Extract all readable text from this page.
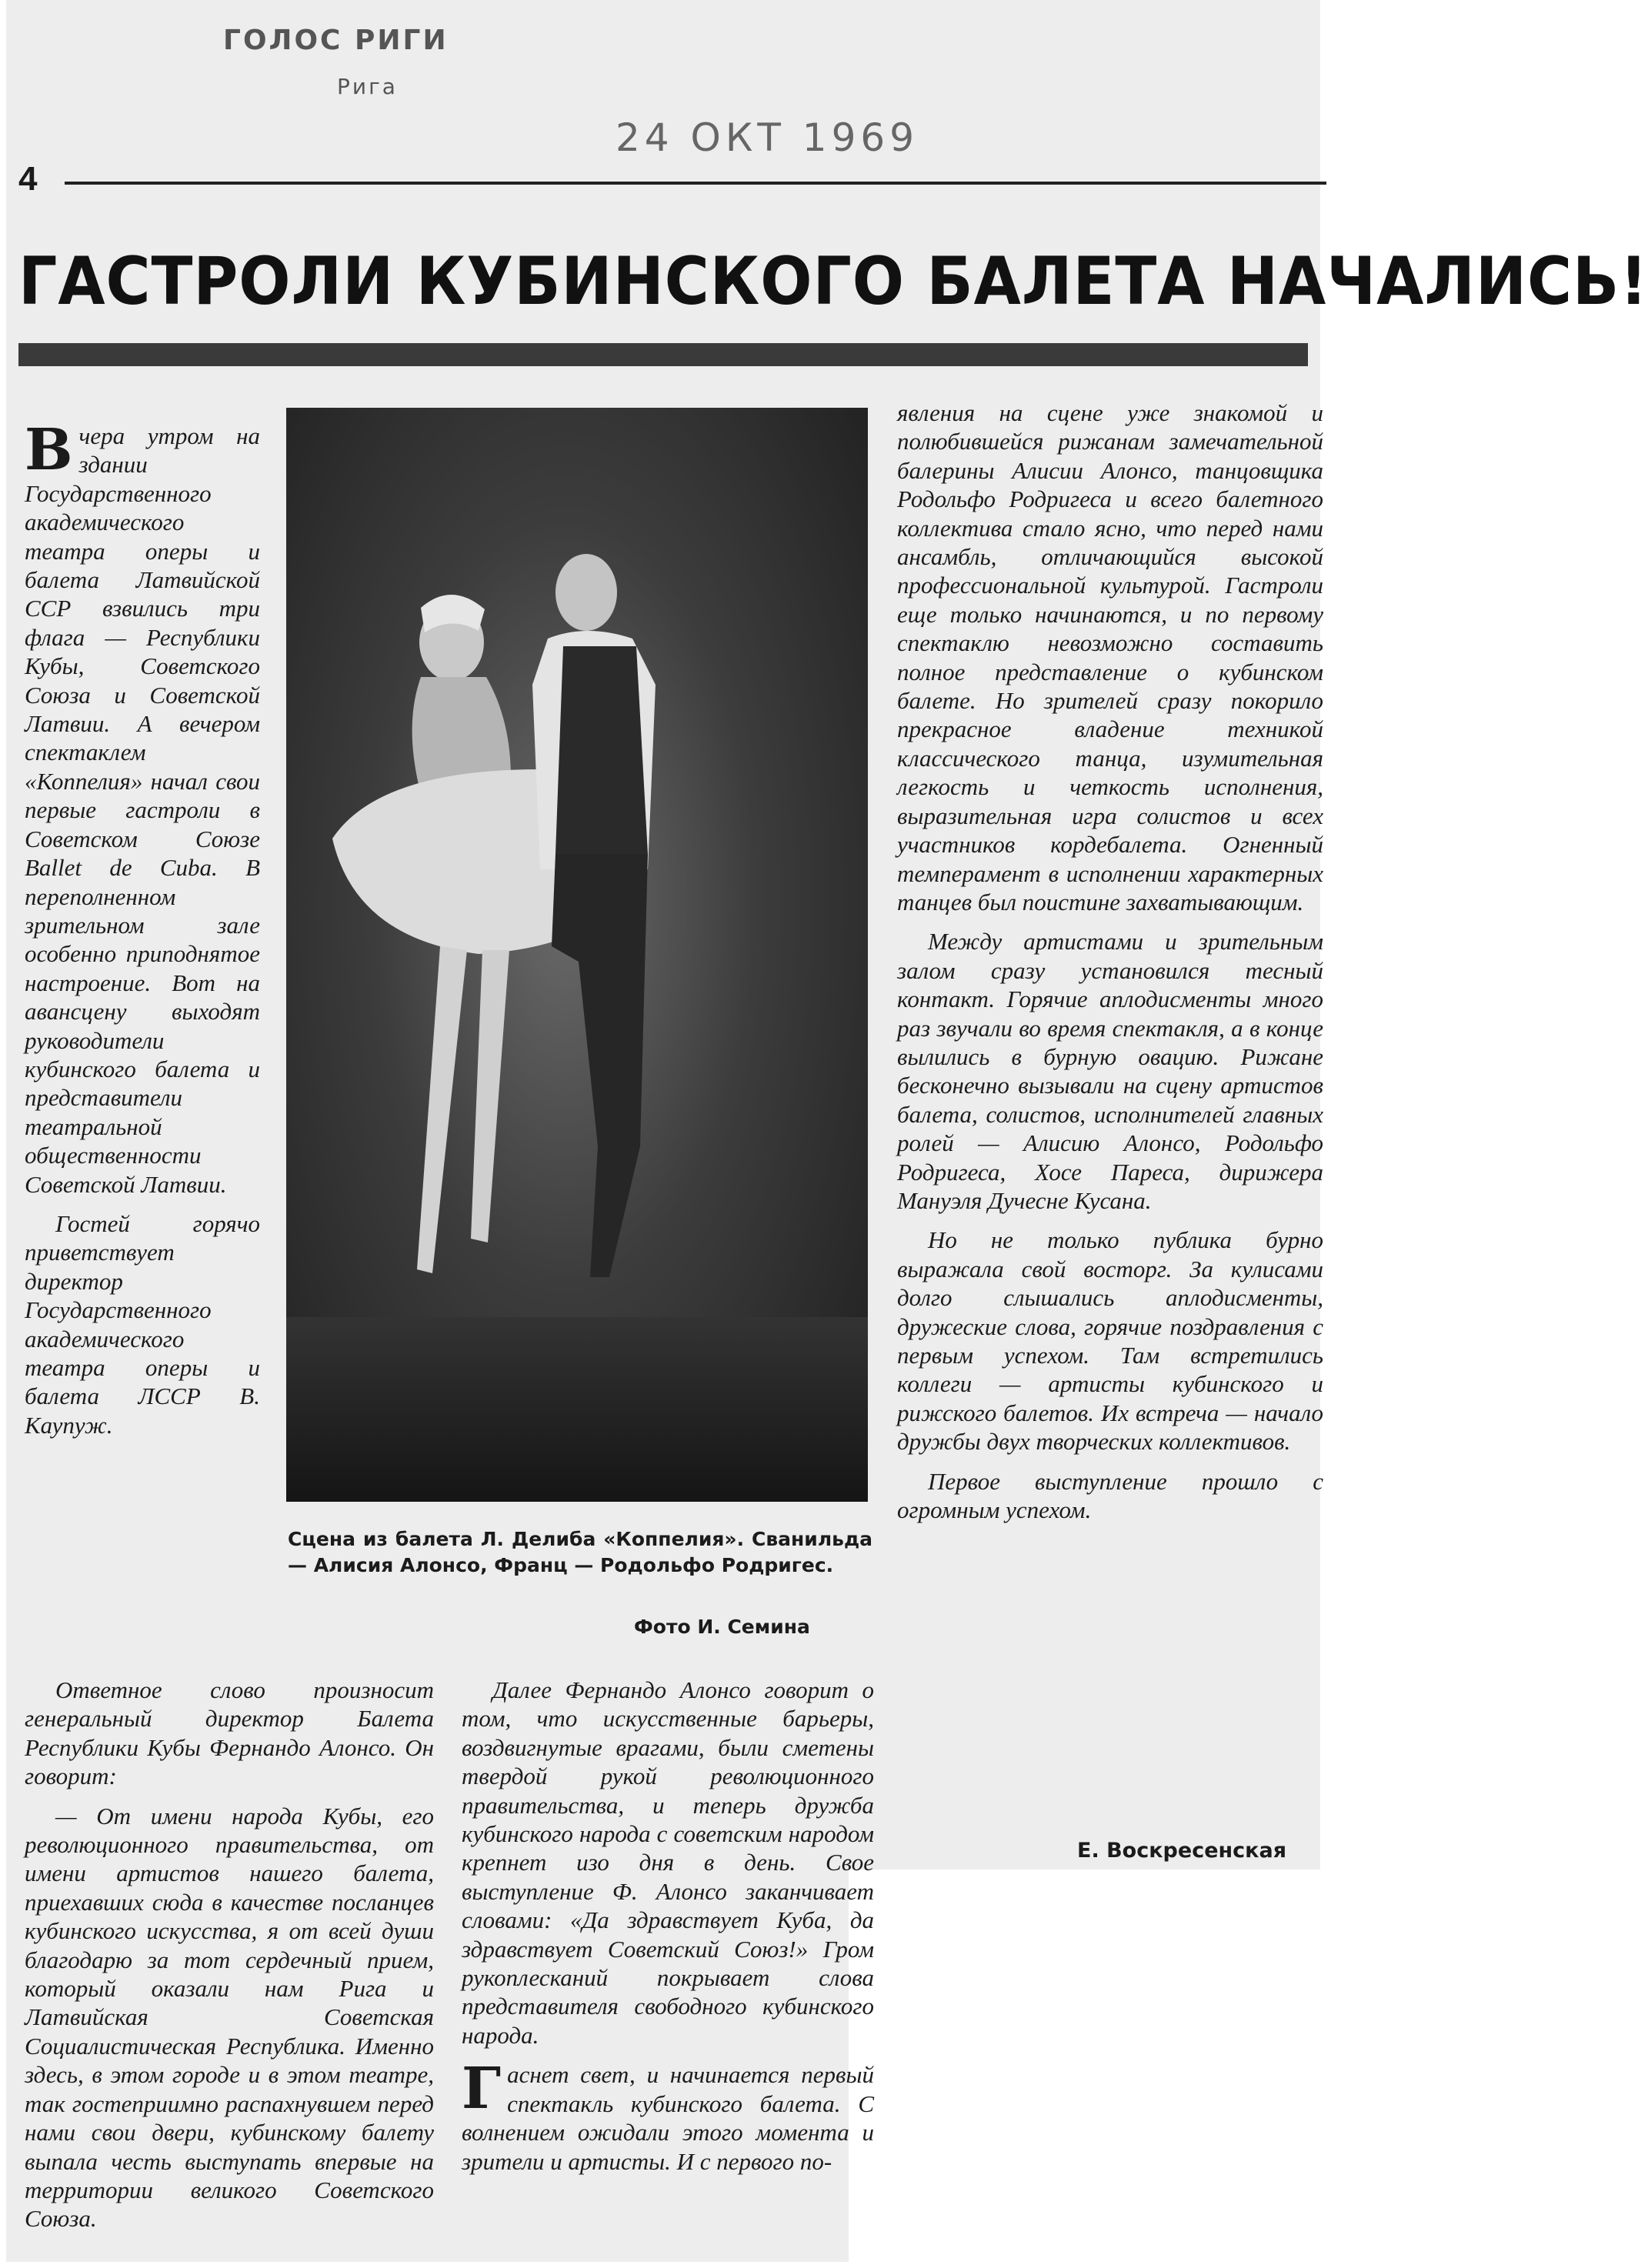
ГОЛОС РИГИ
Рига
24 ОКТ 1969
4
ГАСТРОЛИ КУБИНСКОГО БАЛЕТА НАЧАЛИСЬ!

Вчера утром на здании Государственного академического театра оперы и балета Латвийской ССР взвились три флага — Республики Кубы, Советского Союза и Советской Латвии. А вечером спектаклем «Коппелия» начал свои первые гастроли в Советском Союзе Ballet de Cuba. В переполненном зрительном зале особенно приподнятое настроение. Вот на авансцену выходят руководители кубинского балета и представители театральной общественности Советской Латвии.

Гостей горячо приветствует директор Государственного академического театра оперы и балета ЛССР В. Каупуж.

Сцена из балета Л. Делиба «Коппелия». Сванильда — Алисия Алонсо, Франц — Родольфо Родригес.
Фото И. Семина

явления на сцене уже знакомой и полюбившейся рижанам замечательной балерины Алисии Алонсо, танцовщика Родольфо Родригеса и всего балетного коллектива стало ясно, что перед нами ансамбль, отличающийся высокой профессиональной культурой. Гастроли еще только начинаются, и по первому спектаклю невозможно составить полное представление о кубинском балете. Но зрителей сразу покорило прекрасное владение техникой классического танца, изумительная легкость и четкость исполнения, выразительная игра солистов и всех участников кордебалета. Огненный темперамент в исполнении характерных танцев был поистине захватывающим.

Между артистами и зрительным залом сразу установился тесный контакт. Горячие аплодисменты много раз звучали во время спектакля, а в конце вылились в бурную овацию. Рижане бесконечно вызывали на сцену артистов балета, солистов, исполнителей главных ролей — Алисию Алонсо, Родольфо Родригеса, Хосе Пареса, дирижера Мануэля Дучесне Кусана.

Но не только публика бурно выражала свой восторг. За кулисами долго слышались аплодисменты, дружеские слова, горячие поздравления с первым успехом. Там встретились коллеги — артисты кубинского и рижского балетов. Их встреча — начало дружбы двух творческих коллективов.

Первое выступление прошло с огромным успехом.

Е. Воскресенская

Ответное слово произносит генеральный директор Балета Республики Кубы Фернандо Алонсо. Он говорит:

— От имени народа Кубы, его революционного правительства, от имени артистов нашего балета, приехавших сюда в качестве посланцев кубинского искусства, я от всей души благодарю за тот сердечный прием, который оказали нам Рига и Латвийская Советская Социалистическая Республика. Именно здесь, в этом городе и в этом театре, так гостеприимно распахнувшем перед нами свои двери, кубинскому балету выпала честь выступать впервые на территории великого Советского Союза.

Далее Фернандо Алонсо говорит о том, что искусственные барьеры, воздвигнутые врагами, были сметены твердой рукой революционного правительства, и теперь дружба кубинского народа с советским народом крепнет изо дня в день. Свое выступление Ф. Алонсо заканчивает словами: «Да здравствует Куба, да здравствует Советский Союз!» Гром рукоплесканий покрывает слова представителя свободного кубинского народа.

Гаснет свет, и начинается первый спектакль кубинского балета. С волнением ожидали этого момента и зрители и артисты. И с первого по-
